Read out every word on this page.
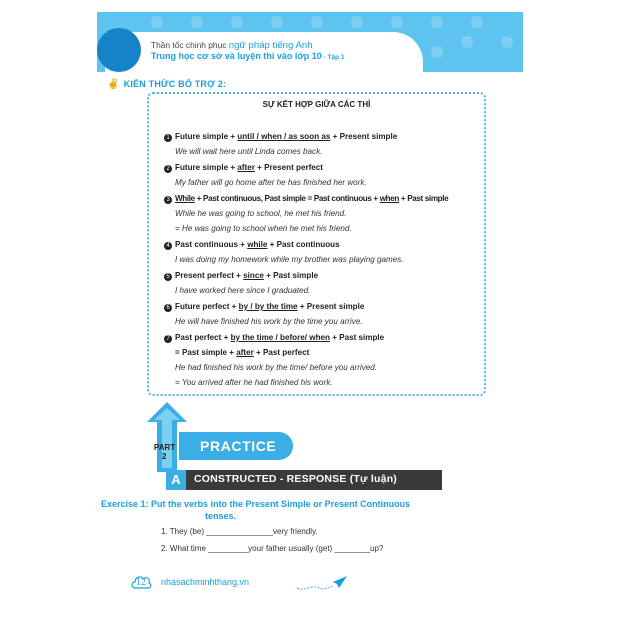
Thần tốc chinh phục ngữ pháp tiếng Anh
Trung học cơ sở và luyện thi vào lớp 10 - Tập 1
✌ KIẾN THỨC BỔ TRỢ 2:
SỰ KẾT HỢP GIỮA CÁC THÌ
1 Future simple + until / when / as soon as + Present simple
We will wait here until Linda comes back.
2 Future simple + after + Present perfect
My father will go home after he has finished her work.
3 While + Past continuous, Past simple = Past continuous + when + Past simple
While he was going to school, he met his friend.
= He was going to school when he met his friend.
4 Past continuous + while + Past continuous
I was doing my homework while my brother was playing games.
5 Present perfect + since + Past simple
I have worked here since I graduated.
6 Future perfect + by / by the time + Present simple
He will have finished his work by the time you arrive.
7 Past perfect + by the time / before/ when + Past simple
= Past simple + after + Past perfect
He had finished his work by the time/ before you arrived.
= You arrived after he had finished his work.
PART
2
PRACTICE
A	CONSTRUCTED - RESPONSE (Tự luận)
Exercise 1: Put the verbs into the Present Simple or Present Continuous
tenses.
1. They (be) _______________very friendly.
2. What time _________your father usually (get) ________up?
12	nhasachminhthang.vn
